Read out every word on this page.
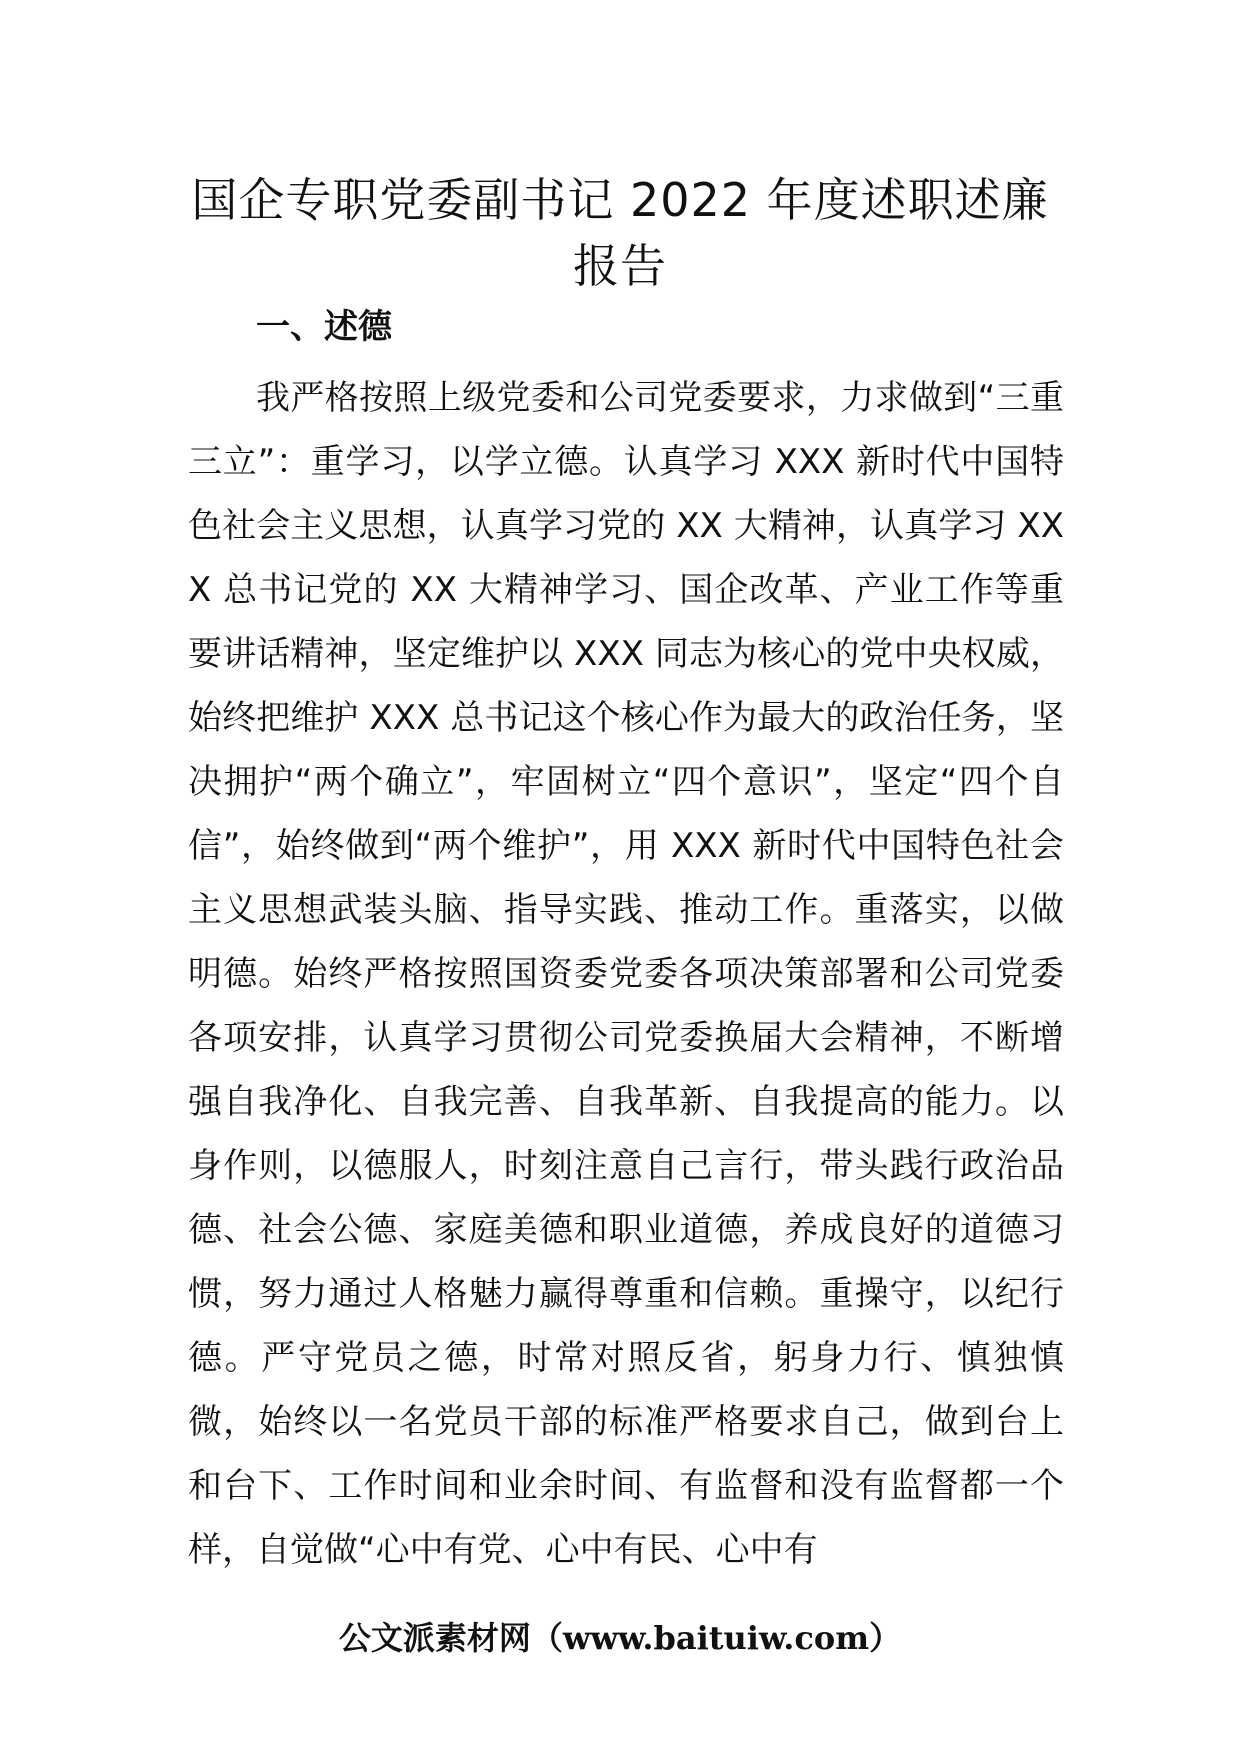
国企专职党委副书记 2022 年度述职述廉
报告
一、述德

我严格按照上级党委和公司党委要求，力求做到“三重三立”：重学习，以学立德。认真学习 XXX 新时代中国特色社会主义思想，认真学习党的 XX 大精神，认真学习 XXX 总书记党的 XX 大精神学习、国企改革、产业工作等重要讲话精神，坚定维护以 XXX 同志为核心的党中央权威，始终把维护 XXX 总书记这个核心作为最大的政治任务，坚决拥护“两个确立”，牢固树立“四个意识”，坚定“四个自信”，始终做到“两个维护”，用 XXX 新时代中国特色社会主义思想武装头脑、指导实践、推动工作。重落实，以做明德。始终严格按照国资委党委各项决策部署和公司党委各项安排，认真学习贯彻公司党委换届大会精神，不断增强自我净化、自我完善、自我革新、自我提高的能力。以身作则，以德服人，时刻注意自己言行，带头践行政治品德、社会公德、家庭美德和职业道德，养成良好的道德习惯，努力通过人格魅力赢得尊重和信赖。重操守，以纪行德。严守党员之德，时常对照反省，躬身力行、慎独慎微，始终以一名党员干部的标准严格要求自己，做到台上和台下、工作时间和业余时间、有监督和没有监督都一个样，自觉做“心中有党、心中有民、心中有

公文派素材网（www.baituiw.com）
